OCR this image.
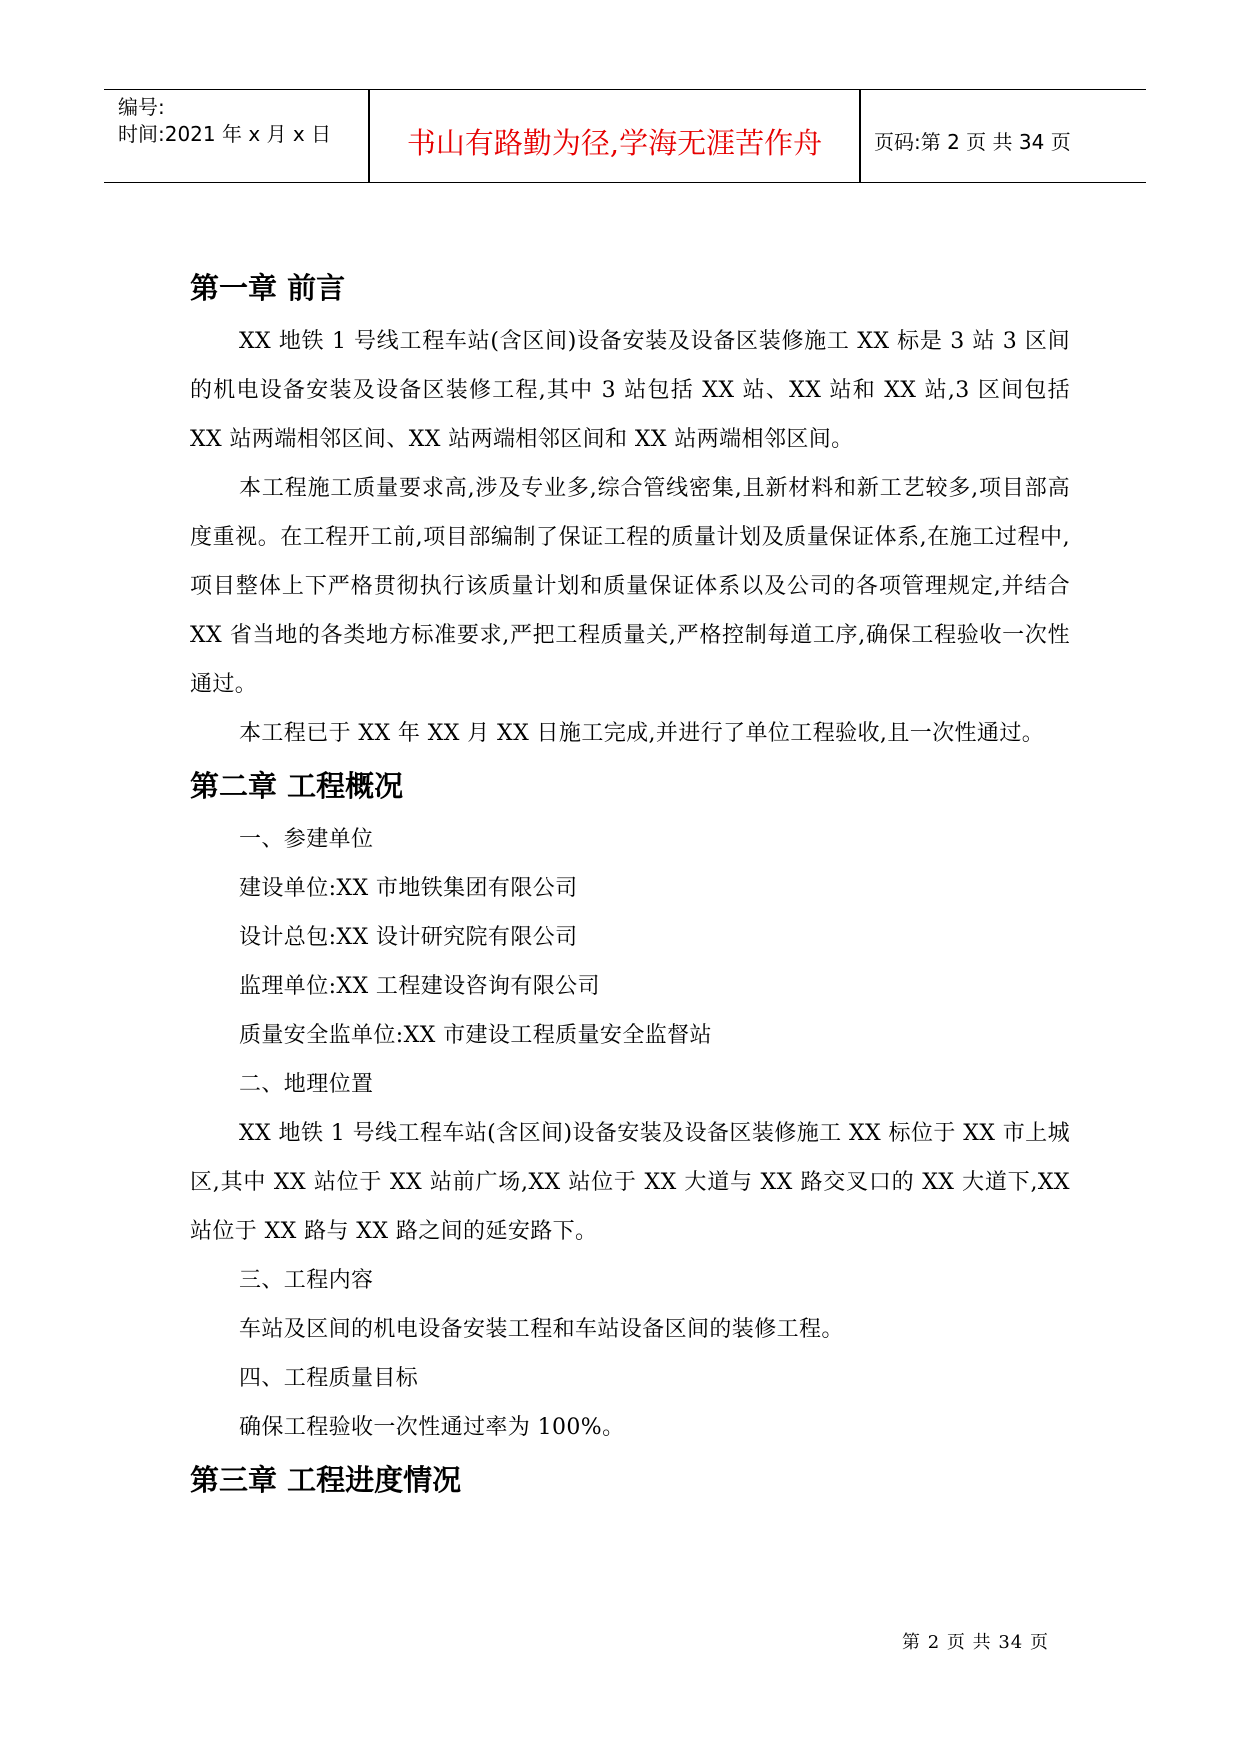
编号:
时间:2021 年 x 月 x 日	书山有路勤为径,学海无涯苦作舟	页码:第 2 页 共 34 页
第一章 前言

XX 地铁 1 号线工程车站(含区间)设备安装及设备区装修施工 XX 标是 3 站 3 区间的机电设备安装及设备区装修工程,其中 3 站包括 XX 站、XX 站和 XX 站,3 区间包括 XX 站两端相邻区间、XX 站两端相邻区间和 XX 站两端相邻区间。

本工程施工质量要求高,涉及专业多,综合管线密集,且新材料和新工艺较多,项目部高度重视。在工程开工前,项目部编制了保证工程的质量计划及质量保证体系,在施工过程中,项目整体上下严格贯彻执行该质量计划和质量保证体系以及公司的各项管理规定,并结合 XX 省当地的各类地方标准要求,严把工程质量关,严格控制每道工序,确保工程验收一次性通过。

本工程已于 XX 年 XX 月 XX 日施工完成,并进行了单位工程验收,且一次性通过。

第二章 工程概况

一、参建单位

建设单位:XX 市地铁集团有限公司

设计总包:XX 设计研究院有限公司

监理单位:XX 工程建设咨询有限公司

质量安全监单位:XX 市建设工程质量安全监督站

二、地理位置

XX 地铁 1 号线工程车站(含区间)设备安装及设备区装修施工 XX 标位于 XX 市上城区,其中 XX 站位于 XX 站前广场,XX 站位于 XX 大道与 XX 路交叉口的 XX 大道下,XX 站位于 XX 路与 XX 路之间的延安路下。

三、工程内容

车站及区间的机电设备安装工程和车站设备区间的装修工程。

四、工程质量目标

确保工程验收一次性通过率为 100%。

第三章 工程进度情况
第 2 页 共 34 页
